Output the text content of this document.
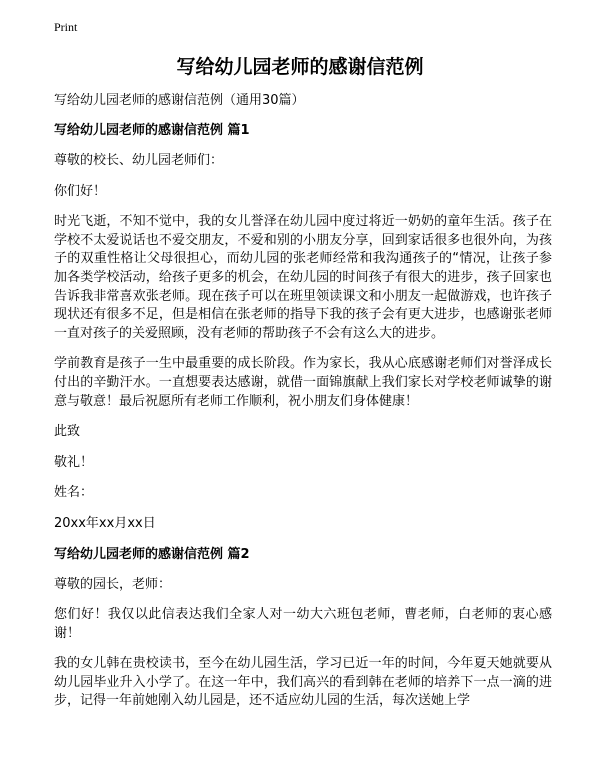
Print
写给幼儿园老师的感谢信范例
写给幼儿园老师的感谢信范例（通用30篇）
写给幼儿园老师的感谢信范例 篇1
尊敬的校长、幼儿园老师们：
你们好！
时光飞逝，不知不觉中，我的女儿誉泽在幼儿园中度过将近一奶奶的童年生活。孩子在学校不太爱说话也不爱交朋友，不爱和别的小朋友分享，回到家话很多也很外向，为孩子的双重性格让父母很担心，而幼儿园的张老师经常和我沟通孩子的“情况，让孩子参加各类学校活动，给孩子更多的机会，在幼儿园的时间孩子有很大的进步，孩子回家也告诉我非常喜欢张老师。现在孩子可以在班里领读课文和小朋友一起做游戏，也许孩子现状还有很多不足，但是相信在张老师的指导下我的孩子会有更大进步，也感谢张老师一直对孩子的关爱照顾，没有老师的帮助孩子不会有这么大的进步。
学前教育是孩子一生中最重要的成长阶段。作为家长，我从心底感谢老师们对誉泽成长付出的辛勤汗水。一直想要表达感谢，就借一面锦旗献上我们家长对学校老师诚挚的谢意与敬意！最后祝愿所有老师工作顺利，祝小朋友们身体健康！
此致
敬礼！
姓名：
20xx年xx月xx日
写给幼儿园老师的感谢信范例 篇2
尊敬的园长，老师：
您们好！我仅以此信表达我们全家人对一幼大六班包老师，曹老师，白老师的衷心感谢！
我的女儿韩在贵校读书，至今在幼儿园生活，学习已近一年的时间，今年夏天她就要从幼儿园毕业升入小学了。在这一年中，我们高兴的看到韩在老师的培养下一点一滴的进步，记得一年前她刚入幼儿园是，还不适应幼儿园的生活，每次送她上学
